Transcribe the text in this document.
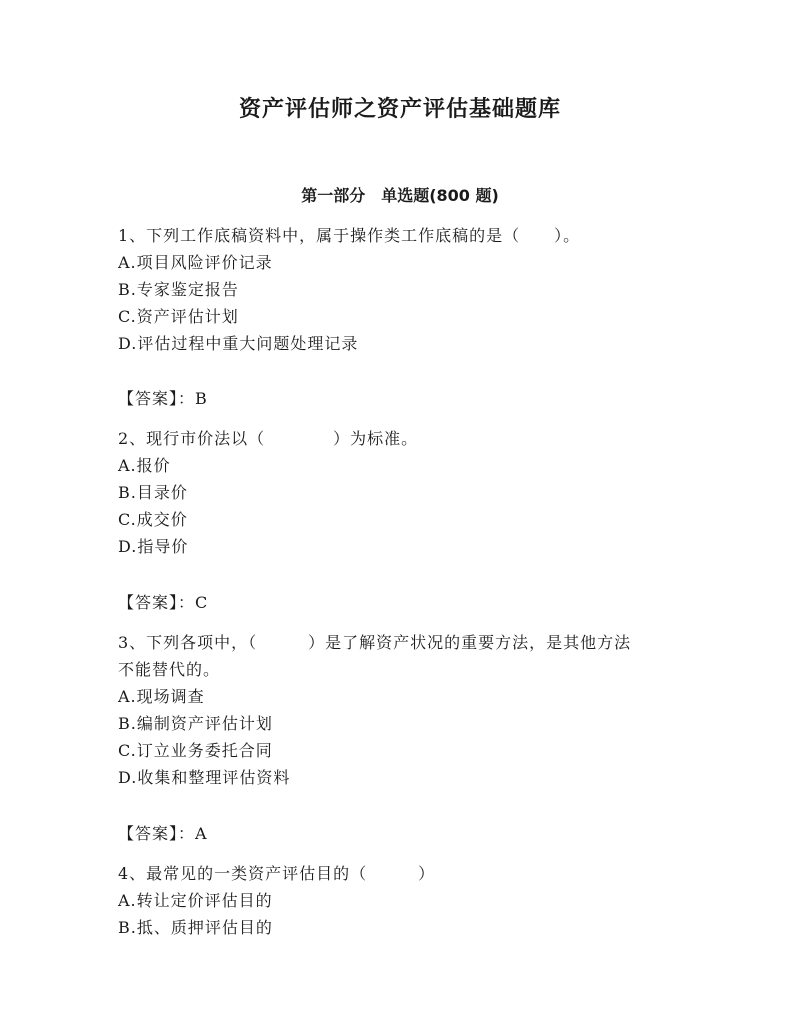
资产评估师之资产评估基础题库
第一部分　单选题(800 题)
1、下列工作底稿资料中，属于操作类工作底稿的是（　　）。
A.项目风险评价记录
B.专家鉴定报告
C.资产评估计划
D.评估过程中重大问题处理记录
【答案】：B
2、现行市价法以（　　　　）为标准。
A.报价
B.目录价
C.成交价
D.指导价
【答案】：C
3、下列各项中，（　　　）是了解资产状况的重要方法，是其他方法
不能替代的。
A.现场调查
B.编制资产评估计划
C.订立业务委托合同
D.收集和整理评估资料
【答案】：A
4、最常见的一类资产评估目的（　　　）
A.转让定价评估目的
B.抵、质押评估目的
